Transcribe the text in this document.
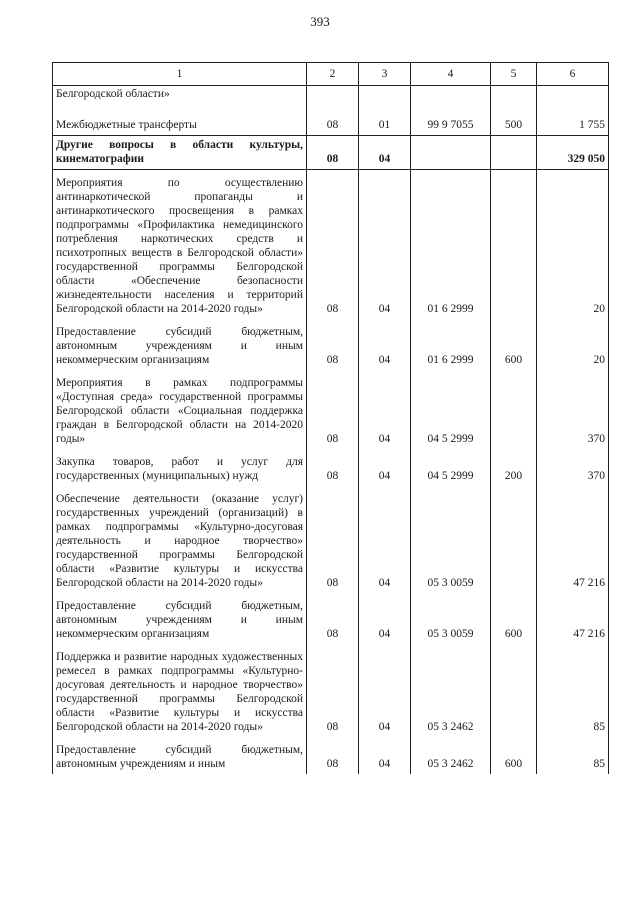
393
1	2	3	4	5	6
Белгородской области»					
Межбюджетные трансферты	08	01	99 9 7055	500	1 755
Другие вопросы в области культуры, кинематографии	08	04			329 050
Мероприятия по осуществлению антинаркотической пропаганды и антинаркотического просвещения в рамках подпрограммы «Профилактика немедицинского потребления наркотических средств и психотропных веществ в Белгородской области» государственной программы Белгородской области «Обеспечение безопасности жизнедеятельности населения и территорий Белгородской области на 2014-2020 годы»	08	04	01 6 2999		20
Предоставление субсидий бюджетным, автономным учреждениям и иным некоммерческим организациям	08	04	01 6 2999	600	20
Мероприятия в рамках подпрограммы «Доступная среда» государственной программы Белгородской области «Социальная поддержка граждан в Белгородской области на 2014-2020 годы»	08	04	04 5 2999		370
Закупка товаров, работ и услуг для государственных (муниципальных) нужд	08	04	04 5 2999	200	370
Обеспечение деятельности (оказание услуг) государственных учреждений (организаций) в рамках подпрограммы «Культурно-досуговая деятельность и народное творчество» государственной программы Белгородской области «Развитие культуры и искусства Белгородской области на 2014-2020 годы»	08	04	05 3 0059		47 216
Предоставление субсидий бюджетным, автономным учреждениям и иным некоммерческим организациям	08	04	05 3 0059	600	47 216
Поддержка и развитие народных художественных ремесел в рамках подпрограммы «Культурно-досуговая деятельность и народное творчество» государственной программы Белгородской области «Развитие культуры и искусства Белгородской области на 2014-2020 годы»	08	04	05 3 2462		85
Предоставление субсидий бюджетным, автономным учреждениям и иным	08	04	05 3 2462	600	85
